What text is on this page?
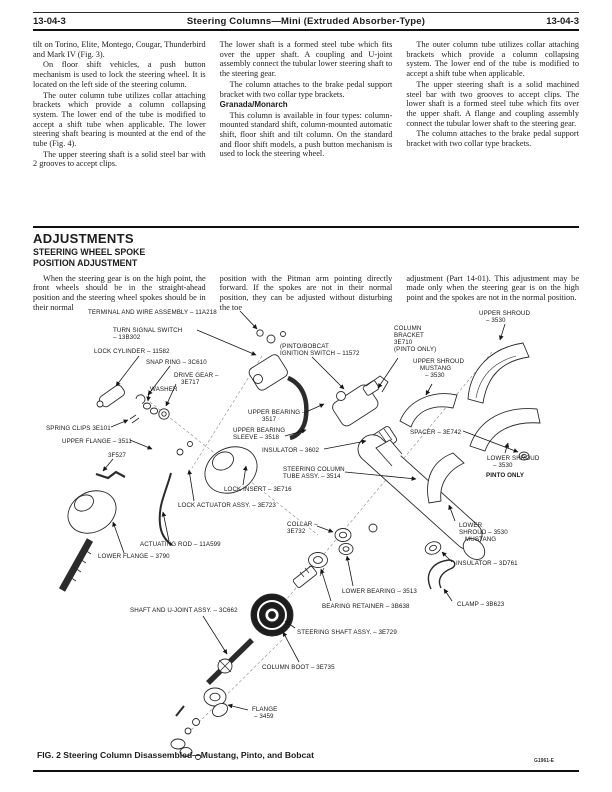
13-04-3	Steering Columns—Mini (Extruded Absorber-Type)	13-04-3

tilt on Torino, Elite, Montego, Cougar, Thunderbird and Mark IV (Fig. 3).

On floor shift vehicles, a push button mechanism is used to lock the steering wheel. It is located on the left side of the steering column.

The outer column tube utilizes collar attaching brackets which provide a column collapsing system. The lower end of the tube is modified to accept a shift tube when applicable. The lower steering shaft bearing is mounted at the end of the tube (Fig. 4).

The upper steering shaft is a solid steel bar with 2 grooves to accept clips.

The lower shaft is a formed steel tube which fits over the upper shaft. A coupling and U-joint assembly connect the tubular lower steering shaft to the steering gear.

The column attaches to the brake pedal support bracket with two collar type brackets.

Granada/Monarch

This column is available in four types: column-mounted standard shift, column-mounted automatic shift, floor shift and tilt column. On the standard and floor shift models, a push button mechanism is used to lock the steering wheel.

The outer column tube utilizes collar attaching brackets which provide a column collapsing system. The lower end of the tube is modified to accept a shift tube when applicable.

The upper steering shaft is a solid machined steel bar with two grooves to accept clips. The lower shaft is a formed steel tube which fits over the upper shaft. A flange and coupling assembly connect the tubular lower shaft to the steering gear.

The column attaches to the brake pedal support bracket with two collar type brackets.

ADJUSTMENTS
STEERING WHEEL SPOKE
POSITION ADJUSTMENT

When the steering gear is on the high point, the front wheels should be in the straight-ahead position and the steering wheel spokes should be in their normal

position with the Pitman arm pointing directly forward. If the spokes are not in their normal position, they can be adjusted without disturbing the toe

adjustment (Part 14-01). This adjustment may be made only when the steering gear is on the high point and the spokes are not in the normal position.

TERMINAL AND WIRE ASSEMBLY – 11A218
TURN SIGNAL SWITCH – 13B302
LOCK CYLINDER – 11582
SNAP RING – 3C610
DRIVE GEAR – 3E717
WASHER
SPRING CLIPS 3E101
UPPER FLANGE – 3511
3F527
ACTUATING ROD – 11A599
LOWER FLANGE – 3790
LOCK INSERT – 3E716
LOCK ACTUATOR ASSY. – 3E723
UPPER BEARING – 3517
UPPER BEARING SLEEVE – 3518
INSULATOR – 3602
STEERING COLUMN TUBE ASSY. – 3514
(PINTO/BOBCAT IGNITION SWITCH – 11572
COLUMN BRACKET 3E710 (PINTO ONLY)
UPPER SHROUD – 3530
UPPER SHROUD MUSTANG – 3530
SPACER – 3E742
LOWER SHROUD – 3530
PINTO ONLY
LOWER SHROUD – 3530 MUSTANG
INSULATOR – 3D761
CLAMP – 3B623
COLLAR – 3E732
LOWER BEARING – 3513
BEARING RETAINER – 3B638
STEERING SHAFT ASSY. – 3E729
SHAFT AND U-JOINT ASSY. – 3C662
COLUMN BOOT – 3E735
FLANGE – 3459
FIG. 2 Steering Column Disassembled—Mustang, Pinto, and Bobcat
G1961-E
